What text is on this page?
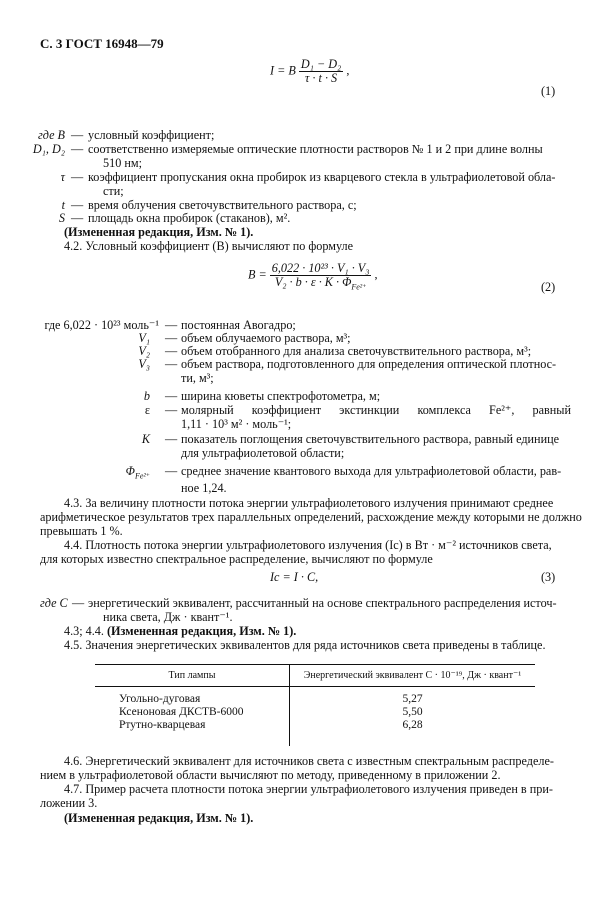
С. 3 ГОСТ 16948—79
I = B $\frac{\text{D₁ − D₂}}{\tau \cdot t \cdot S}$ ,
(1)
где B — условный коэффициент;
D₁, D₂ — соответственно измеряемые оптические плотности растворов № 1 и 2 при длине волны
510 нм;
τ — коэффициент пропускания окна пробирок из кварцевого стекла в ультрафиолетовой обла-
сти;
t — время облучения светочувствительного раствора, с;
S — площадь окна пробирок (стаканов), м².
(Измененная редакция, Изм. № 1).
4.2. Условный коэффициент (B) вычисляют по формуле
$B = \frac{\text{6,022 · 10²³ · V₁ · V₃}}{V_2 \cdot b \cdot \varepsilon \cdot K \cdot \Phi_{Fe^{2+}}}$ ,
(2)
где 6,022 · 10²³ моль⁻¹ — постоянная Авогадро;
V₁ — объем облучаемого раствора, м³;
V₂ — объем отобранного для анализа светочувствительного раствора, м³;
V₃ — объем раствора, подготовленного для определения оптической плотнос-
ти, м³;
b — ширина кюветы спектрофотометра, м;
ε — молярный коэффициент экстинкции комплекса Fe²⁺, равный
1,11 · 10³ м² · моль⁻¹;
K — показатель поглощения светочувствительного раствора, равный единице
для ультрафиолетовой области;
$\Phi_{Fe^{2+}}$ — среднее значение квантового выхода для ультрафиолетовой области, рав-
ное 1,24.
4.3. За величину плотности потока энергии ультрафиолетового излучения принимают среднее
арифметическое результатов трех параллельных определений, расхождение между которыми не должно
превышать 1 %.
4.4. Плотность потока энергии ультрафиолетового излучения (Iс) в Вт · м⁻² источников света,
для которых известно спектральное распределение, вычисляют по формуле
Iс = I · C,	(3)
где C — энергетический эквивалент, рассчитанный на основе спектрального распределения источ-
ника света, Дж · квант⁻¹.
4.3; 4.4. (Измененная редакция, Изм. № 1).
4.5. Значения энергетических эквивалентов для ряда источников света приведены в таблице.
Тип лампы	Энергетический эквивалент C · 10⁻¹⁹, Дж · квант⁻¹
Угольно-дуговая	5,27
Ксеноновая ДКСТВ-6000	5,50
Ртутно-кварцевая	6,28
4.6. Энергетический эквивалент для источников света с известным спектральным распределе-
нием в ультрафиолетовой области вычисляют по методу, приведенному в приложении 2.
4.7. Пример расчета плотности потока энергии ультрафиолетового излучения приведен в при-
ложении 3.
(Измененная редакция, Изм. № 1).
